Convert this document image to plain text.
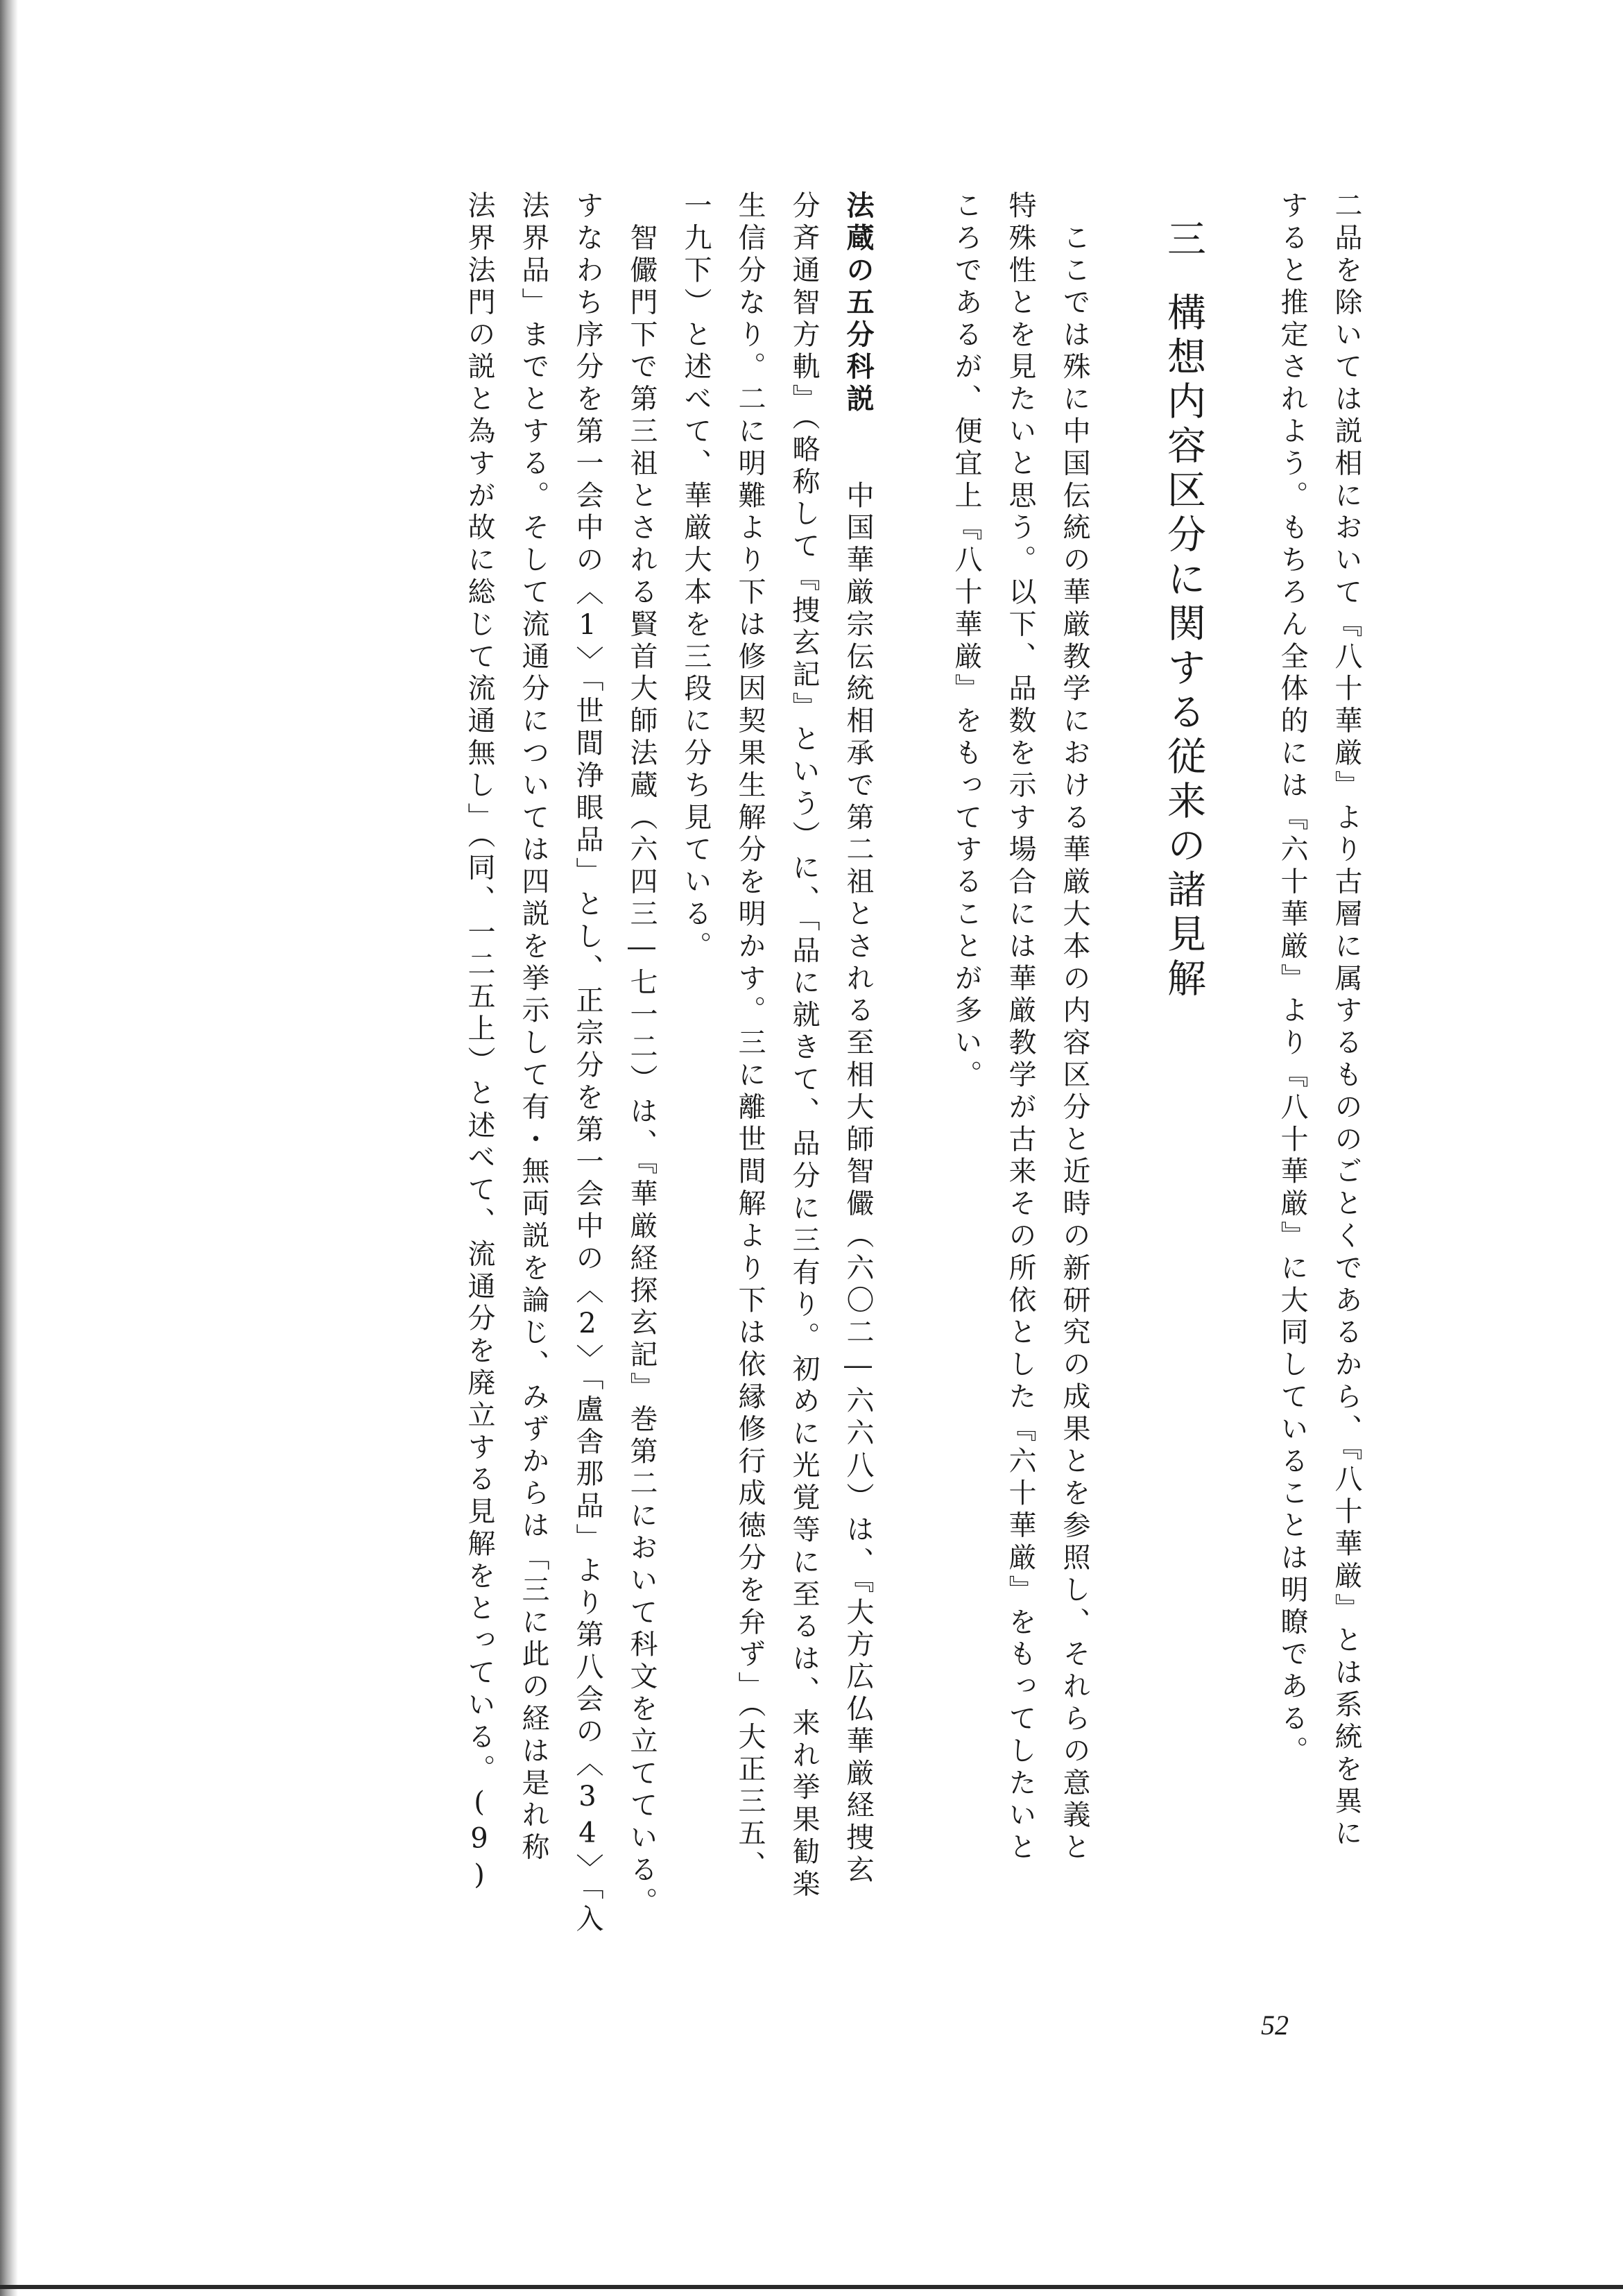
二品を除いては説相において『八十華厳』より古層に属するもののごとくであるから、『八十華厳』とは系統を異に

すると推定されよう。もちろん全体的には『六十華厳』より『八十華厳』に大同していることは明瞭である。

三構想内容区分に関する従来の諸見解

　ここでは殊に中国伝統の華厳教学における華厳大本の内容区分と近時の新研究の成果とを参照し、それらの意義と

特殊性とを見たいと思う。以下、品数を示す場合には華厳教学が古来その所依とした『六十華厳』をもってしたいと

ころであるが、便宜上『八十華厳』をもってすることが多い。

法蔵の五分科説　　中国華厳宗伝統相承で第二祖とされる至相大師智儼（六〇二―六六八）は、『大方広仏華厳経捜玄

分斉通智方軌』（略称して『捜玄記』という）に、「品に就きて、品分に三有り。初めに光覚等に至るは、来れ挙果勧楽

生信分なり。二に明難より下は修因契果生解分を明かす。三に離世間解より下は依縁修行成徳分を弁ず」（大正三五、

一九下）と述べて、華厳大本を三段に分ち見ている。

　智儼門下で第三祖とされる賢首大師法蔵（六四三―七一二）は、『華厳経探玄記』巻第二において科文を立てている。

すなわち序分を第一会中の〈1〉「世間浄眼品」とし、正宗分を第一会中の〈2〉「盧舎那品」より第八会の〈34〉「入

法界品」までとする。そして流通分については四説を挙示して有・無両説を論じ、みずからは「三に此の経は是れ称

法界法門の説と為すが故に総じて流通無し」（同、一二五上）と述べて、流通分を廃立する見解をとっている。(9)

52
